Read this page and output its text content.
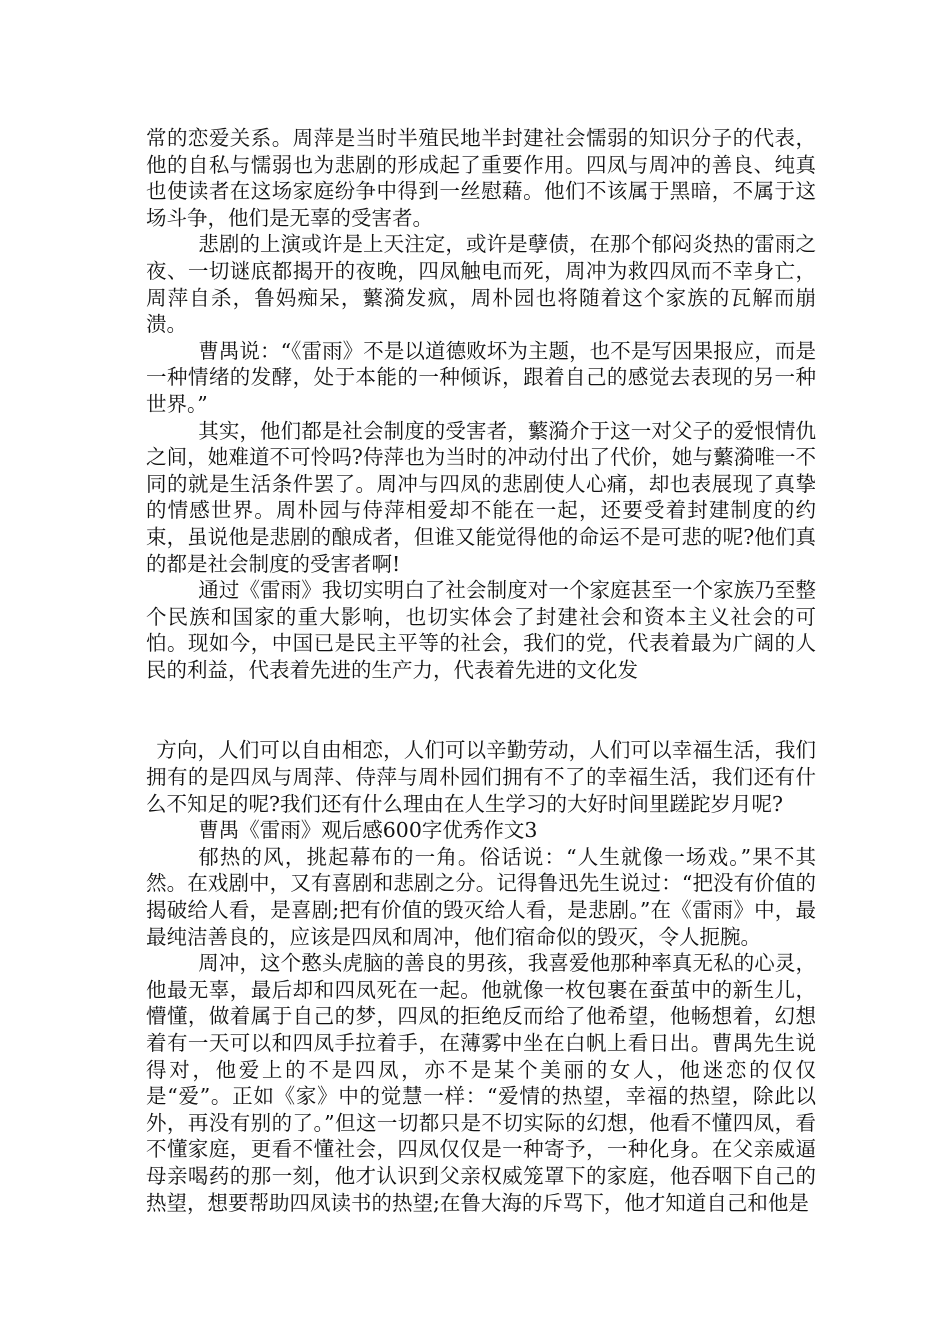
常的恋爱关系。周萍是当时半殖民地半封建社会懦弱的知识分子的代表，他的自私与懦弱也为悲剧的形成起了重要作用。四凤与周冲的善良、纯真也使读者在这场家庭纷争中得到一丝慰藉。他们不该属于黑暗，不属于这场斗争，他们是无辜的受害者。

悲剧的上演或许是上天注定，或许是孽债，在那个郁闷炎热的雷雨之夜、一切谜底都揭开的夜晚，四凤触电而死，周冲为救四凤而不幸身亡，周萍自杀，鲁妈痴呆，蘩漪发疯，周朴园也将随着这个家族的瓦解而崩溃。

曹禺说：“《雷雨》不是以道德败坏为主题，也不是写因果报应，而是一种情绪的发酵，处于本能的一种倾诉，跟着自己的感觉去表现的另一种世界。”

其实，他们都是社会制度的受害者，蘩漪介于这一对父子的爱恨情仇之间，她难道不可怜吗?侍萍也为当时的冲动付出了代价，她与蘩漪唯一不同的就是生活条件罢了。周冲与四凤的悲剧使人心痛，却也表展现了真挚的情感世界。周朴园与侍萍相爱却不能在一起，还要受着封建制度的约束，虽说他是悲剧的酿成者，但谁又能觉得他的命运不是可悲的呢?他们真的都是社会制度的受害者啊!

通过《雷雨》我切实明白了社会制度对一个家庭甚至一个家族乃至整个民族和国家的重大影响，也切实体会了封建社会和资本主义社会的可怕。现如今，中国已是民主平等的社会，我们的党，代表着最为广阔的人民的利益，代表着先进的生产力，代表着先进的文化发

方向，人们可以自由相恋，人们可以辛勤劳动，人们可以幸福生活，我们拥有的是四凤与周萍、侍萍与周朴园们拥有不了的幸福生活，我们还有什么不知足的呢?我们还有什么理由在人生学习的大好时间里蹉跎岁月呢?

曹禺《雷雨》观后感600字优秀作文3

郁热的风，挑起幕布的一角。俗话说：“人生就像一场戏。”果不其然。在戏剧中，又有喜剧和悲剧之分。记得鲁迅先生说过：“把没有价值的揭破给人看，是喜剧;把有价值的毁灭给人看，是悲剧。”在《雷雨》中，最最纯洁善良的，应该是四凤和周冲，他们宿命似的毁灭，令人扼腕。

周冲，这个憨头虎脑的善良的男孩，我喜爱他那种率真无私的心灵，他最无辜，最后却和四凤死在一起。他就像一枚包裹在蚕茧中的新生儿，懵懂，做着属于自己的梦，四凤的拒绝反而给了他希望，他畅想着，幻想着有一天可以和四凤手拉着手，在薄雾中坐在白帆上看日出。曹禺先生说得对，他爱上的不是四凤，亦不是某个美丽的女人，他迷恋的仅仅是“爱”。正如《家》中的觉慧一样：“爱情的热望，幸福的热望，除此以外，再没有别的了。”但这一切都只是不切实际的幻想，他看不懂四凤，看不懂家庭，更看不懂社会，四凤仅仅是一种寄予，一种化身。在父亲威逼母亲喝药的那一刻，他才认识到父亲权威笼罩下的家庭，他吞咽下自己的热望，想要帮助四凤读书的热望;在鲁大海的斥骂下，他才知道自己和他是
